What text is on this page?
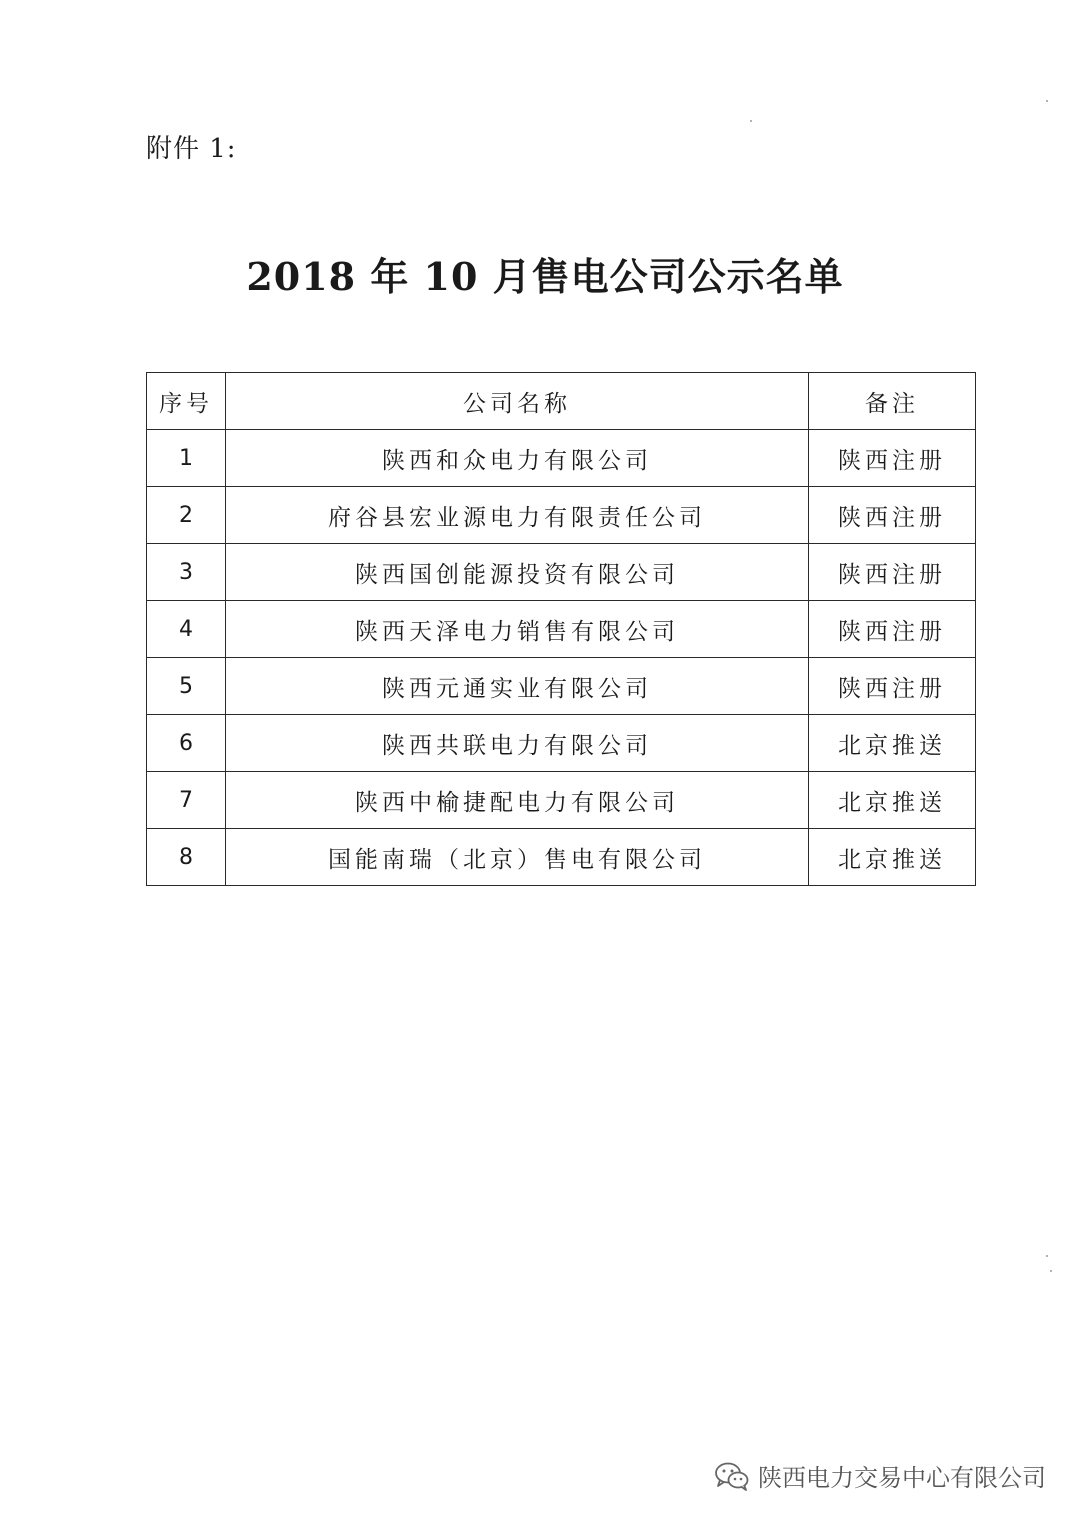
附件 1:
2018 年 10 月售电公司公示名单
序号	公司名称	备注
1	陕西和众电力有限公司	陕西注册
2	府谷县宏业源电力有限责任公司	陕西注册
3	陕西国创能源投资有限公司	陕西注册
4	陕西天泽电力销售有限公司	陕西注册
5	陕西元通实业有限公司	陕西注册
6	陕西共联电力有限公司	北京推送
7	陕西中榆捷配电力有限公司	北京推送
8	国能南瑞（北京）售电有限公司	北京推送
陕西电力交易中心有限公司
